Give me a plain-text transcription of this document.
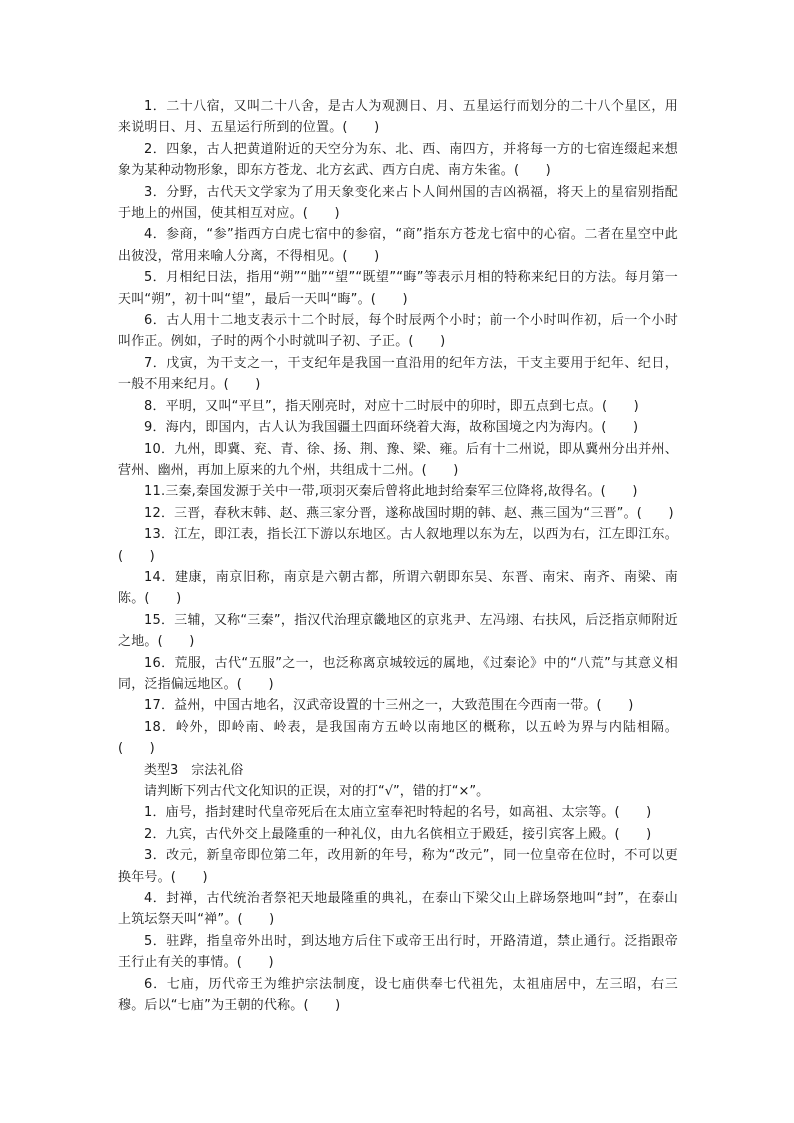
1．二十八宿，又叫二十八舍，是古人为观测日、月、五星运行而划分的二十八个星区，用来说明日、月、五星运行所到的位置。(　　)

2．四象，古人把黄道附近的天空分为东、北、西、南四方，并将每一方的七宿连缀起来想象为某种动物形象，即东方苍龙、北方玄武、西方白虎、南方朱雀。(　　)

3．分野，古代天文学家为了用天象变化来占卜人间州国的吉凶祸福，将天上的星宿别指配于地上的州国，使其相互对应。(　　)

4．参商，“参”指西方白虎七宿中的参宿，“商”指东方苍龙七宿中的心宿。二者在星空中此出彼没，常用来喻人分离，不得相见。(　　)

5．月相纪日法，指用“朔”“朏”“望”“既望”“晦”等表示月相的特称来纪日的方法。每月第一天叫“朔”，初十叫“望”，最后一天叫“晦”。(　　)

6．古人用十二地支表示十二个时辰，每个时辰两个小时；前一个小时叫作初，后一个小时叫作正。例如，子时的两个小时就叫子初、子正。(　　)

7．戊寅，为干支之一，干支纪年是我国一直沿用的纪年方法，干支主要用于纪年、纪日，一般不用来纪月。(　　)

8．平明，又叫“平旦”，指天刚亮时，对应十二时辰中的卯时，即五点到七点。(　　)

9．海内，即国内，古人认为我国疆土四面环绕着大海，故称国境之内为海内。(　　)

10．九州，即冀、兖、青、徐、扬、荆、豫、梁、雍。后有十二州说，即从冀州分出并州、营州、幽州，再加上原来的九个州，共组成十二州。(　　)

11.三秦,秦国发源于关中一带,项羽灭秦后曾将此地封给秦军三位降将,故得名。(　　)

12．三晋，春秋末韩、赵、燕三家分晋，遂称战国时期的韩、赵、燕三国为“三晋”。(　　)

13．江左，即江表，指长江下游以东地区。古人叙地理以东为左，以西为右，江左即江东。(　　)

14．建康，南京旧称，南京是六朝古都，所谓六朝即东吴、东晋、南宋、南齐、南梁、南陈。(　　)

15．三辅，又称“三秦”，指汉代治理京畿地区的京兆尹、左冯翊、右扶风，后泛指京师附近之地。(　　)

16．荒服，古代“五服”之一，也泛称离京城较远的属地，《过秦论》中的“八荒”与其意义相同，泛指偏远地区。(　　)

17．益州，中国古地名，汉武帝设置的十三州之一，大致范围在今西南一带。(　　)

18．岭外，即岭南、岭表，是我国南方五岭以南地区的概称，以五岭为界与内陆相隔。(　　)

类型3　宗法礼俗

请判断下列古代文化知识的正误，对的打“√”，错的打“×”。

1．庙号，指封建时代皇帝死后在太庙立室奉祀时特起的名号，如高祖、太宗等。(　　)

2．九宾，古代外交上最隆重的一种礼仪，由九名傧相立于殿廷，接引宾客上殿。(　　)

3．改元，新皇帝即位第二年，改用新的年号，称为“改元”，同一位皇帝在位时，不可以更换年号。(　　)

4．封禅，古代统治者祭祀天地最隆重的典礼，在泰山下梁父山上辟场祭地叫“封”，在泰山上筑坛祭天叫“禅”。(　　)

5．驻跸，指皇帝外出时，到达地方后住下或帝王出行时，开路清道，禁止通行。泛指跟帝王行止有关的事情。(　　)

6．七庙，历代帝王为维护宗法制度，设七庙供奉七代祖先，太祖庙居中，左三昭，右三穆。后以“七庙”为王朝的代称。(　　)
